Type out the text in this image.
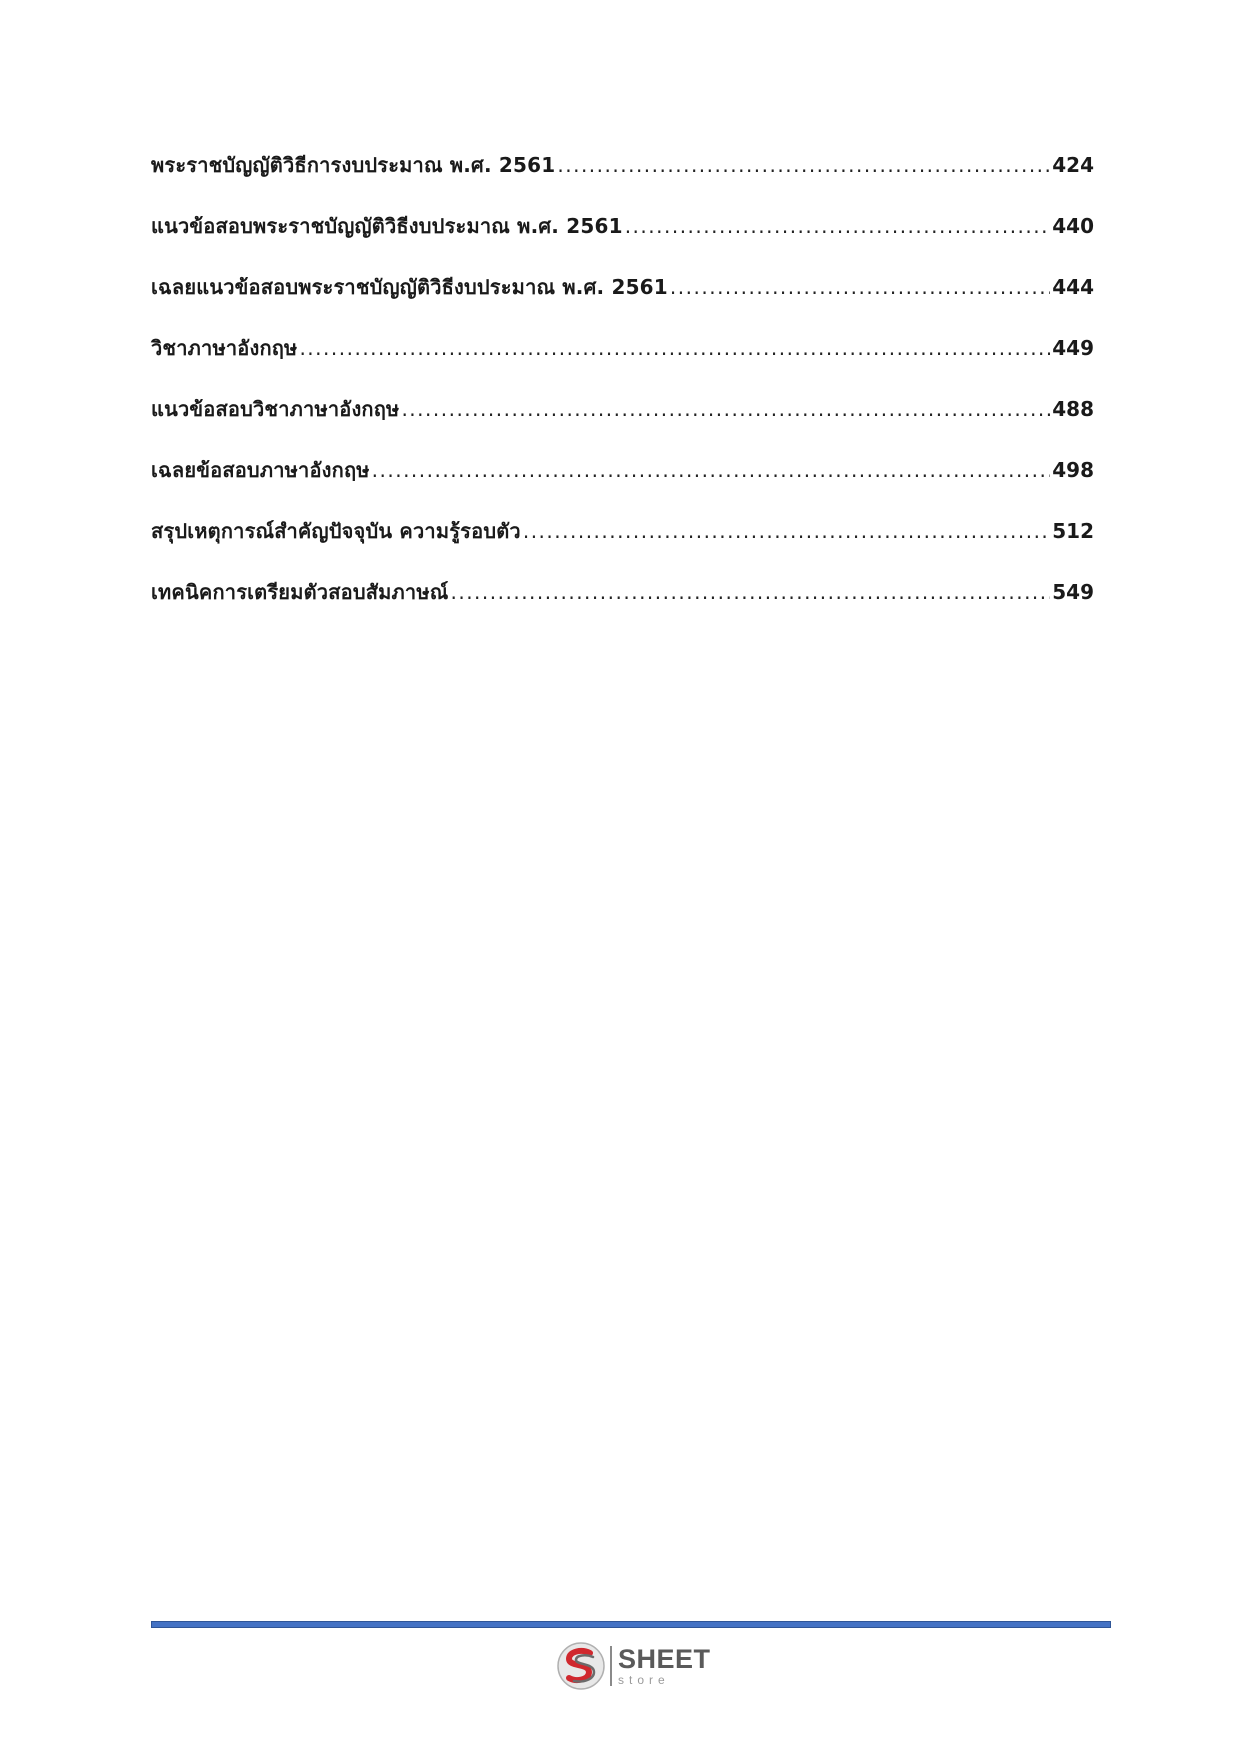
พระราชบัญญัติวิธีการงบประมาณ พ.ศ. 2561 .....	424
แนวข้อสอบพระราชบัญญัติวิธีงบประมาณ พ.ศ. 2561 .....	440
เฉลยแนวข้อสอบพระราชบัญญัติวิธีงบประมาณ พ.ศ. 2561 .....	444
วิชาภาษาอังกฤษ .....	449
แนวข้อสอบวิชาภาษาอังกฤษ .....	488
เฉลยข้อสอบภาษาอังกฤษ .....	498
สรุปเหตุการณ์สำคัญปัจจุบัน ความรู้รอบตัว .....	512
เทคนิคการเตรียมตัวสอบสัมภาษณ์ .....	549
SHEET
store
